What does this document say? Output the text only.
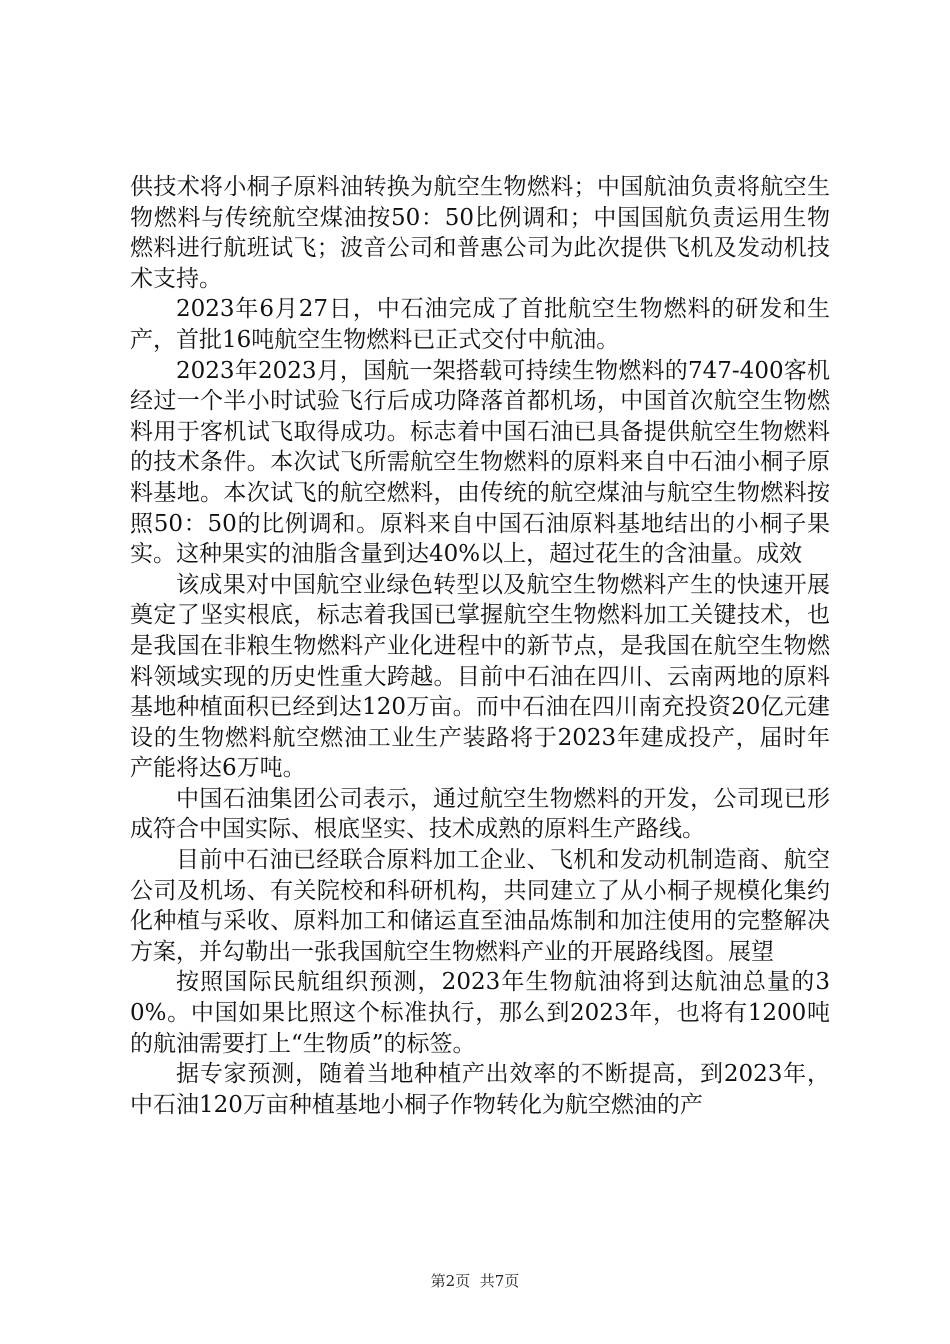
供技术将小桐子原料油转换为航空生物燃料；中国航油负责将航空生物燃料与传统航空煤油按50：50比例调和；中国国航负责运用生物燃料进行航班试飞；波音公司和普惠公司为此次提供飞机及发动机技术支持。

2023年6月27日，中石油完成了首批航空生物燃料的研发和生产，首批16吨航空生物燃料已正式交付中航油。

2023年2023月，国航一架搭载可持续生物燃料的747-400客机经过一个半小时试验飞行后成功降落首都机场，中国首次航空生物燃料用于客机试飞取得成功。标志着中国石油已具备提供航空生物燃料的技术条件。本次试飞所需航空生物燃料的原料来自中石油小桐子原料基地。本次试飞的航空燃料，由传统的航空煤油与航空生物燃料按照50：50的比例调和。原料来自中国石油原料基地结出的小桐子果实。这种果实的油脂含量到达40%以上，超过花生的含油量。成效

该成果对中国航空业绿色转型以及航空生物燃料产生的快速开展奠定了坚实根底，标志着我国已掌握航空生物燃料加工关键技术，也是我国在非粮生物燃料产业化进程中的新节点，是我国在航空生物燃料领域实现的历史性重大跨越。目前中石油在四川、云南两地的原料基地种植面积已经到达120万亩。而中石油在四川南充投资20亿元建设的生物燃料航空燃油工业生产装路将于2023年建成投产，届时年产能将达6万吨。

中国石油集团公司表示，通过航空生物燃料的开发，公司现已形成符合中国实际、根底坚实、技术成熟的原料生产路线。

目前中石油已经联合原料加工企业、飞机和发动机制造商、航空公司及机场、有关院校和科研机构，共同建立了从小桐子规模化集约化种植与采收、原料加工和储运直至油品炼制和加注使用的完整解决方案，并勾勒出一张我国航空生物燃料产业的开展路线图。展望

按照国际民航组织预测，2023年生物航油将到达航油总量的30%。中国如果比照这个标准执行，那么到2023年，也将有1200吨的航油需要打上“生物质”的标签。

据专家预测，随着当地种植产出效率的不断提高，到2023年，中石油120万亩种植基地小桐子作物转化为航空燃油的产

第2页 共7页
